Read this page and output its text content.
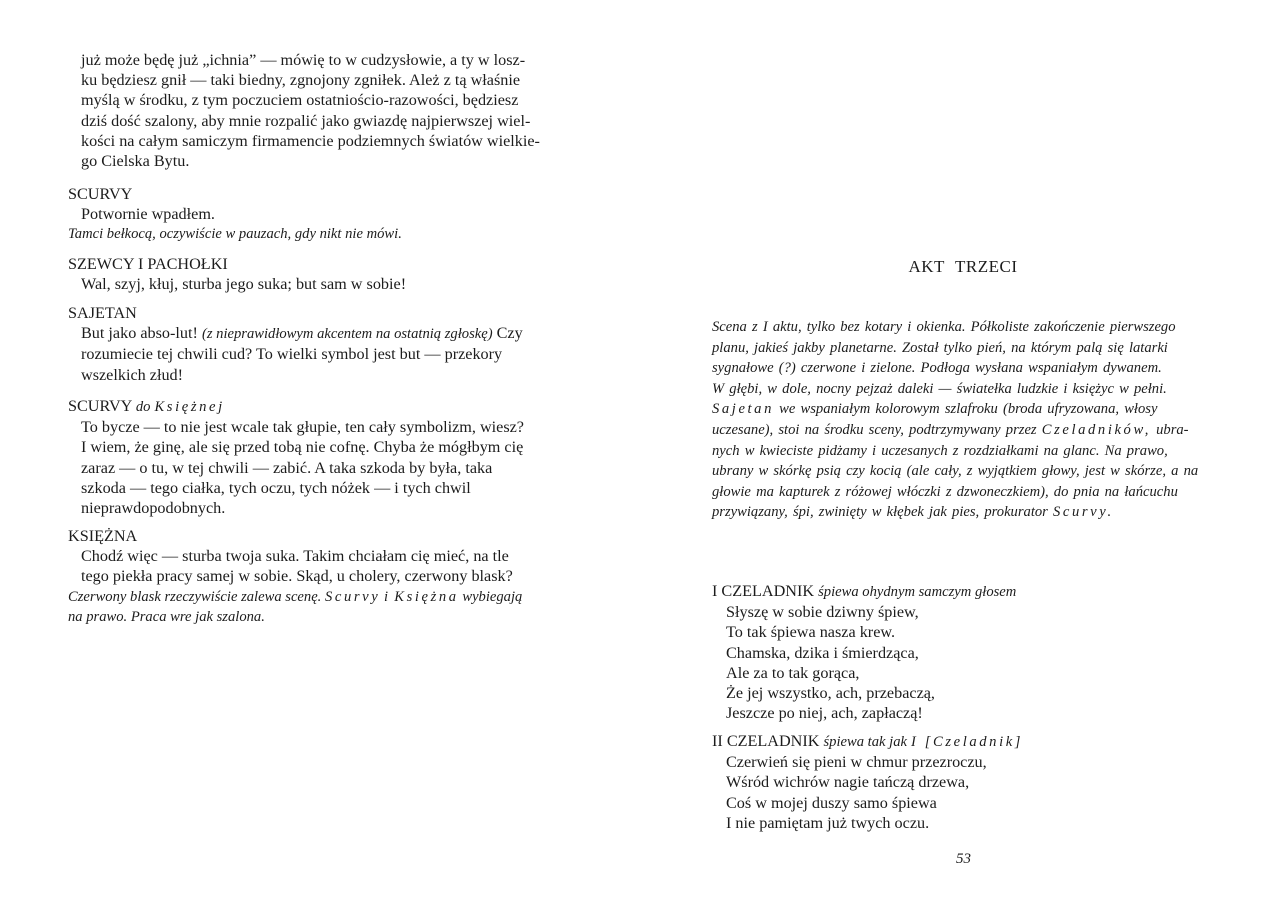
już może będę już „ichnia” — mówię to w cudzysłowie, a ty w losz-

ku będziesz gnił — taki biedny, zgnojony zgniłek. Ależ z tą właśnie

myślą w środku, z tym poczuciem ostatniościo-razowości, będziesz

dziś dość szalony, aby mnie rozpalić jako gwiazdę najpierwszej wiel-

kości na całym samiczym firmamencie podziemnych światów wielkie-

go Cielska Bytu.

SCURVY

Potwornie wpadłem.

Tamci bełkocą, oczywiście w pauzach, gdy nikt nie mówi.

SZEWCY I PACHOŁKI

Wal, szyj, kłuj, sturba jego suka; but sam w sobie!

SAJETAN

But jako abso-lut! (z nieprawidłowym akcentem na ostatnią zgłoskę) Czy

rozumiecie tej chwili cud? To wielki symbol jest but — przekory

wszelkich złud!

SCURVY do Księżnej

To bycze — to nie jest wcale tak głupie, ten cały symbolizm, wiesz?

I wiem, że ginę, ale się przed tobą nie cofnę. Chyba że mógłbym cię

zaraz — o tu, w tej chwili — zabić. A taka szkoda by była, taka

szkoda — tego ciałka, tych oczu, tych nóżek — i tych chwil

nieprawdopodobnych.

KSIĘŻNA

Chodź więc — sturba twoja suka. Takim chciałam cię mieć, na tle

tego piekła pracy samej w sobie. Skąd, u cholery, czerwony blask?

Czerwony blask rzeczywiście zalewa scenę. Scurvy i Księżna wybiegają

na prawo. Praca wre jak szalona.

AKT TRZECI

Scena z I aktu, tylko bez kotary i okienka. Półkoliste zakończenie pierwszego

planu, jakieś jakby planetarne. Został tylko pień, na którym palą się latarki

sygnałowe (?) czerwone i zielone. Podłoga wysłana wspaniałym dywanem.

W głębi, w dole, nocny pejzaż daleki — światełka ludzkie i księżyc w pełni.

Sajetan we wspaniałym kolorowym szlafroku (broda ufryzowana, włosy

uczesane), stoi na środku sceny, podtrzymywany przez Czeladników, ubra-

nych w kwieciste pidżamy i uczesanych z rozdziałkami na glanc. Na prawo,

ubrany w skórkę psią czy kocią (ale cały, z wyjątkiem głowy, jest w skórze, a na

głowie ma kapturek z różowej włóczki z dzwoneczkiem), do pnia na łańcuchu

przywiązany, śpi, zwinięty w kłębek jak pies, prokurator Scurvy.

I CZELADNIK śpiewa ohydnym samczym głosem

Słyszę w sobie dziwny śpiew,

To tak śpiewa nasza krew.

Chamska, dzika i śmierdząca,

Ale za to tak gorąca,

Że jej wszystko, ach, przebaczą,

Jeszcze po niej, ach, zapłaczą!

II CZELADNIK śpiewa tak jak I [Czeladnik]

Czerwień się pieni w chmur przezroczu,

Wśród wichrów nagie tańczą drzewa,

Coś w mojej duszy samo śpiewa

I nie pamiętam już twych oczu.

53
